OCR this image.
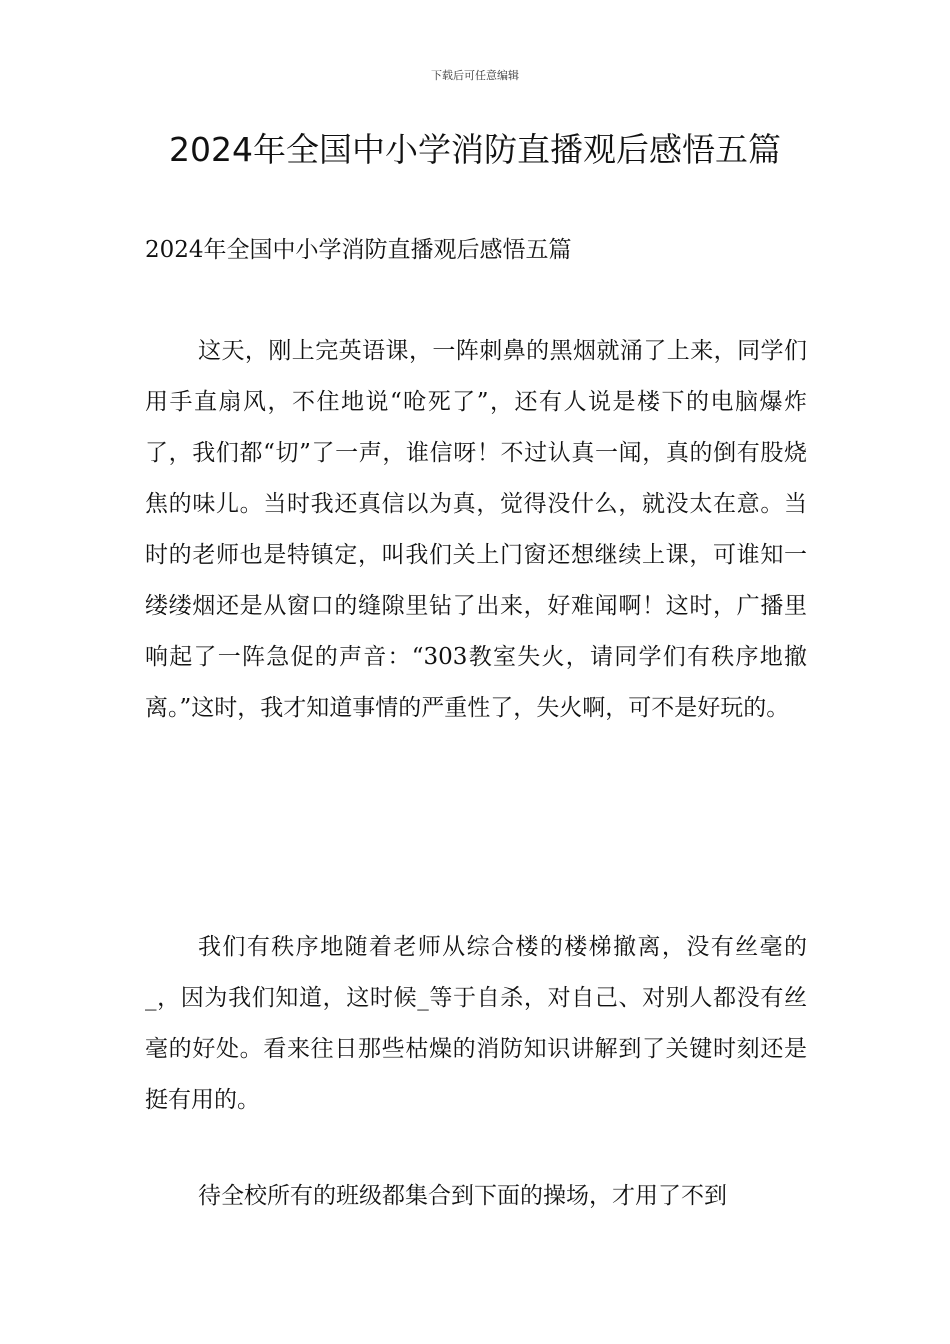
下载后可任意编辑
2024年全国中小学消防直播观后感悟五篇

2024年全国中小学消防直播观后感悟五篇

这天，刚上完英语课，一阵刺鼻的黑烟就涌了上来，同学们用手直扇风，不住地说“呛死了”，还有人说是楼下的电脑爆炸了，我们都“切”了一声，谁信呀！不过认真一闻，真的倒有股烧焦的味儿。当时我还真信以为真，觉得没什么，就没太在意。当时的老师也是特镇定，叫我们关上门窗还想继续上课，可谁知一缕缕烟还是从窗口的缝隙里钻了出来，好难闻啊！这时，广播里响起了一阵急促的声音：“303教室失火，请同学们有秩序地撤离。”这时，我才知道事情的严重性了，失火啊，可不是好玩的。

我们有秩序地随着老师从综合楼的楼梯撤离，没有丝毫的_，因为我们知道，这时候_等于自杀，对自己、对别人都没有丝毫的好处。看来往日那些枯燥的消防知识讲解到了关键时刻还是挺有用的。

待全校所有的班级都集合到下面的操场，才用了不到
